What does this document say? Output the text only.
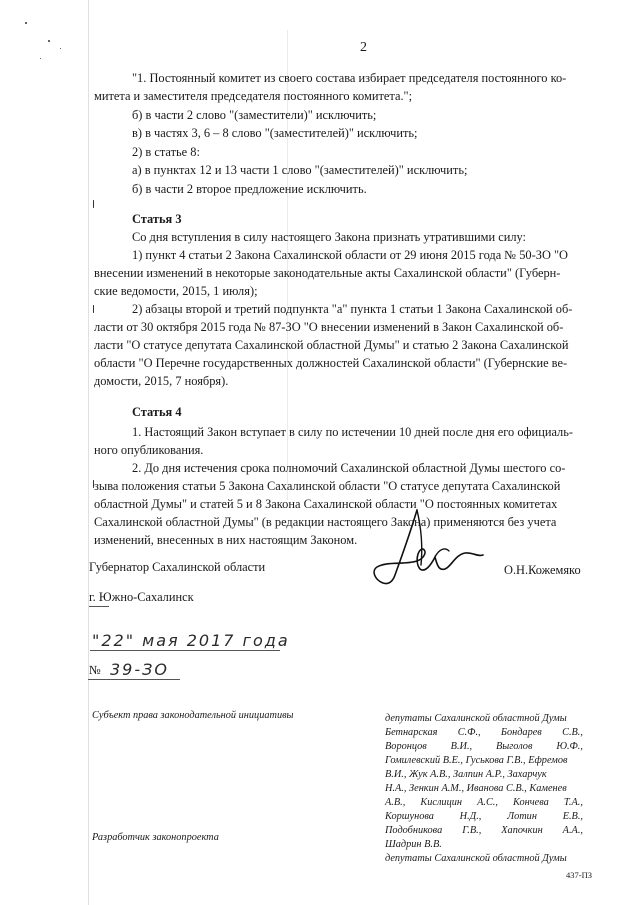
2
"1. Постоянный комитет из своего состава избирает председателя постоянного ко-
митета и заместителя председателя постоянного комитета.";
б) в части 2 слово "(заместители)" исключить;
в) в частях 3, 6 – 8 слово "(заместителей)" исключить;
2) в статье 8:
а) в пунктах 12 и 13 части 1 слово "(заместителей)" исключить;
б) в части 2 второе предложение исключить.
Статья 3
Со дня вступления в силу настоящего Закона признать утратившими силу:
1) пункт 4 статьи 2 Закона Сахалинской области от 29 июня 2015 года № 50-ЗО "О
внесении изменений в некоторые законодательные акты Сахалинской области" (Губерн-
ские ведомости, 2015, 1 июля);
2) абзацы второй и третий подпункта "а" пункта 1 статьи 1 Закона Сахалинской об-
ласти от 30 октября 2015 года № 87-ЗО "О внесении изменений в Закон Сахалинской об-
ласти "О статусе депутата Сахалинской областной Думы" и статью 2 Закона Сахалинской
области "О Перечне государственных должностей Сахалинской области" (Губернские ве-
домости, 2015, 7 ноября).
Статья 4
1. Настоящий Закон вступает в силу по истечении 10 дней после дня его официаль-
ного опубликования.
2. До дня истечения срока полномочий Сахалинской областной Думы шестого со-
зыва положения статьи 5 Закона Сахалинской области "О статусе депутата Сахалинской
областной Думы" и статей 5 и 8 Закона Сахалинской области "О постоянных комитетах
Сахалинской областной Думы" (в редакции настоящего Закона) применяются без учета
изменений, внесенных в них настоящим Законом.
Губернатор Сахалинской области	О.Н.Кожемяко
г. Южно-Сахалинск
"22" мая 2017 года
№ 39-ЗО
Субъект права законодательной инициативы
Разработчик законопроекта
депутаты Сахалинской областной Думы
Бетнарская С.Ф., Бондарев С.В.,
Воронцов В.И., Выголов Ю.Ф.,
Гомилевский В.Е., Гуськова Г.В., Ефремов
В.И., Жук А.В., Залпин А.Р., Захарчук
Н.А., Зенкин А.М., Иванова С.В., Каменев
А.В., Кислицин А.С., Кончева Т.А.,
Коршунова	Н.Д.,	Лотин	Е.В.,
Подобникова Г.В., Хапочкин А.А.,
Шадрин В.В.
депутаты Сахалинской областной Думы
437-ПЗ
